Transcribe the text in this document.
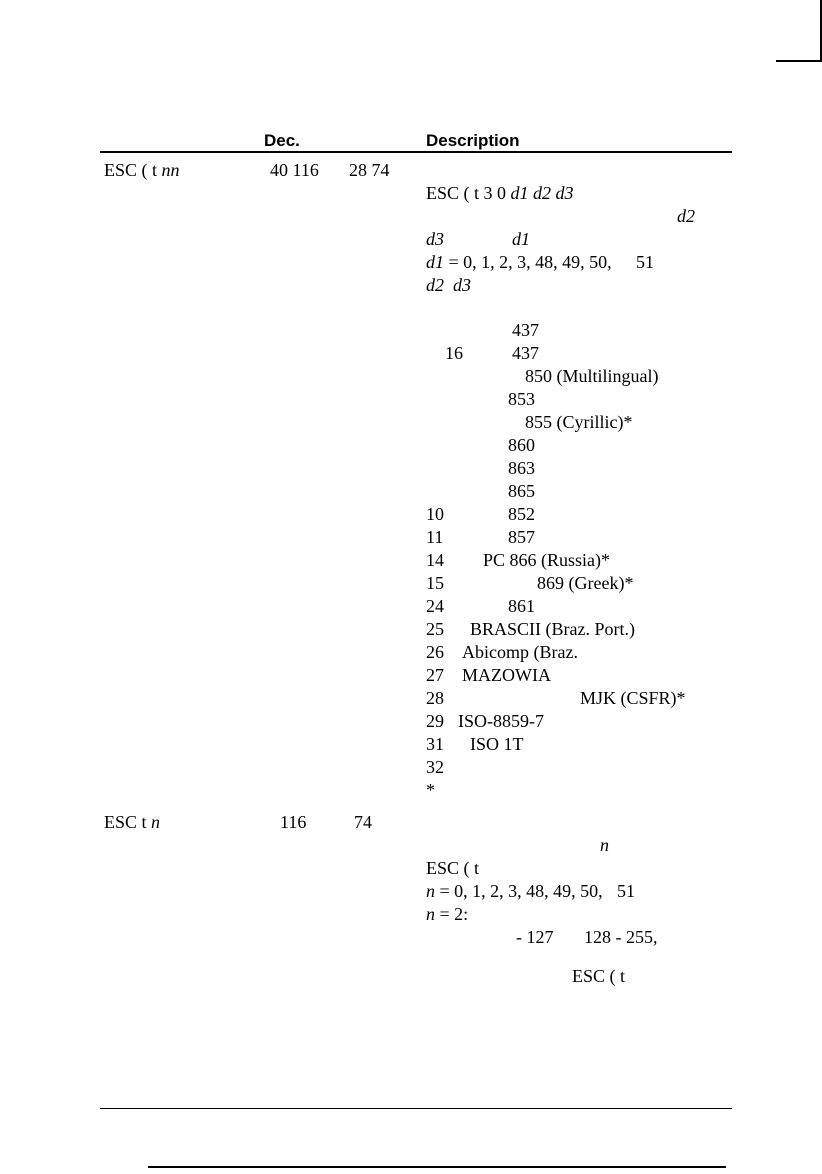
Dec.	Description
ESC ( t nn	40 116 28 74
ESC ( t 3 0 d1 d2 d3
d2
d3	d1
d1 = 0, 1, 2, 3, 48, 49, 50, 51
d2 d3
437
16	437
850 (Multilingual)
853
855 (Cyrillic)*
860
863
865
10	852
11	857
14 PC 866 (Russia)*
15	869 (Greek)*
24	861
25 BRASCII (Braz. Port.)
26 Abicomp (Braz.
27 MAZOWIA
28	MJK (CSFR)*
29 ISO-8859-7
31 ISO 1T
32
*
ESC t n	116	74
n
ESC ( t
n = 0, 1, 2, 3, 48, 49, 50, 51
n = 2:
- 127 128 - 255,
ESC ( t
